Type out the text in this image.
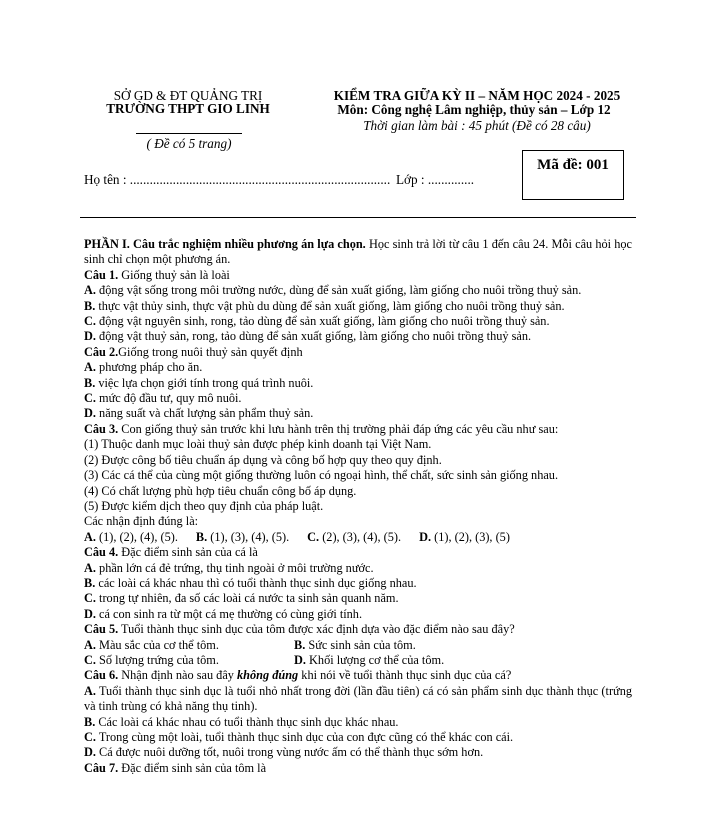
SỞ GD & ĐT QUẢNG TRỊ
TRƯỜNG THPT GIO LINH
( Đề có 5 trang)
KIỂM TRA GIỮA KỲ II – NĂM HỌC 2024 - 2025
Môn: Công nghệ Lâm nghiệp, thủy sản – Lớp 12
Thời gian làm bài : 45 phút (Đề có 28 câu)
Họ tên : ............................................................................... Lớp : ..............
Mã đề: 001

PHẦN I. Câu trắc nghiệm nhiều phương án lựa chọn. Học sinh trả lời từ câu 1 đến câu 24. Mỗi câu hỏi học sinh chỉ chọn một phương án.

Câu 1. Giống thuỷ sản là loài

A. động vật sống trong môi trường nước, dùng để sản xuất giống, làm giống cho nuôi trồng thuỷ sản.

B. thực vật thủy sinh, thực vật phù du dùng để sản xuất giống, làm giống cho nuôi trồng thuỷ sản.

C. động vật nguyên sinh, rong, tảo dùng để sản xuất giống, làm giống cho nuôi trồng thuỷ sản.

D. động vật thuỷ sản, rong, tảo dùng để sản xuất giống, làm giống cho nuôi trồng thuỷ sản.

Câu 2.Giống trong nuôi thuỷ sản quyết định

A. phương pháp cho ăn.

B. việc lựa chọn giới tính trong quá trình nuôi.

C. mức độ đầu tư, quy mô nuôi.

D. năng suất và chất lượng sản phẩm thuỷ sản.

Câu 3. Con giống thuỷ sản trước khi lưu hành trên thị trường phải đáp ứng các yêu cầu như sau:

(1) Thuộc danh mục loài thuỷ sản được phép kinh doanh tại Việt Nam.

(2) Được công bố tiêu chuẩn áp dụng và công bố hợp quy theo quy định.

(3) Các cá thể của cùng một giống thường luôn có ngoại hình, thể chất, sức sinh sản giống nhau.

(4) Có chất lượng phù hợp tiêu chuẩn công bố áp dụng.

(5) Được kiểm dịch theo quy định của pháp luật.

Các nhận định đúng là:

A. (1), (2), (4), (5).	B. (1), (3), (4), (5).	C. (2), (3), (4), (5).	D. (1), (2), (3), (5)

Câu 4. Đặc điểm sinh sản của cá là

A. phần lớn cá đẻ trứng, thụ tinh ngoài ở môi trường nước.

B. các loài cá khác nhau thì có tuổi thành thục sinh dục giống nhau.

C. trong tự nhiên, đa số các loài cá nước ta sinh sản quanh năm.

D. cá con sinh ra từ một cá mẹ thường có cùng giới tính.

Câu 5. Tuổi thành thục sinh dục của tôm được xác định dựa vào đặc điểm nào sau đây?

A. Màu sắc của cơ thể tôm.	B. Sức sinh sản của tôm.

C. Số lượng trứng của tôm.	D. Khối lượng cơ thể của tôm.

Câu 6. Nhận định nào sau đây không đúng khi nói về tuổi thành thục sinh dục của cá?

A. Tuổi thành thục sinh dục là tuổi nhỏ nhất trong đời (lần đầu tiên) cá có sản phẩm sinh dục thành thục (trứng và tinh trùng có khả năng thụ tinh).

B. Các loài cá khác nhau có tuổi thành thục sinh dục khác nhau.

C. Trong cùng một loài, tuổi thành thục sinh dục của con đực cũng có thể khác con cái.

D. Cá được nuôi dưỡng tốt, nuôi trong vùng nước ấm có thể thành thục sớm hơn.

Câu 7. Đặc điểm sinh sản của tôm là
